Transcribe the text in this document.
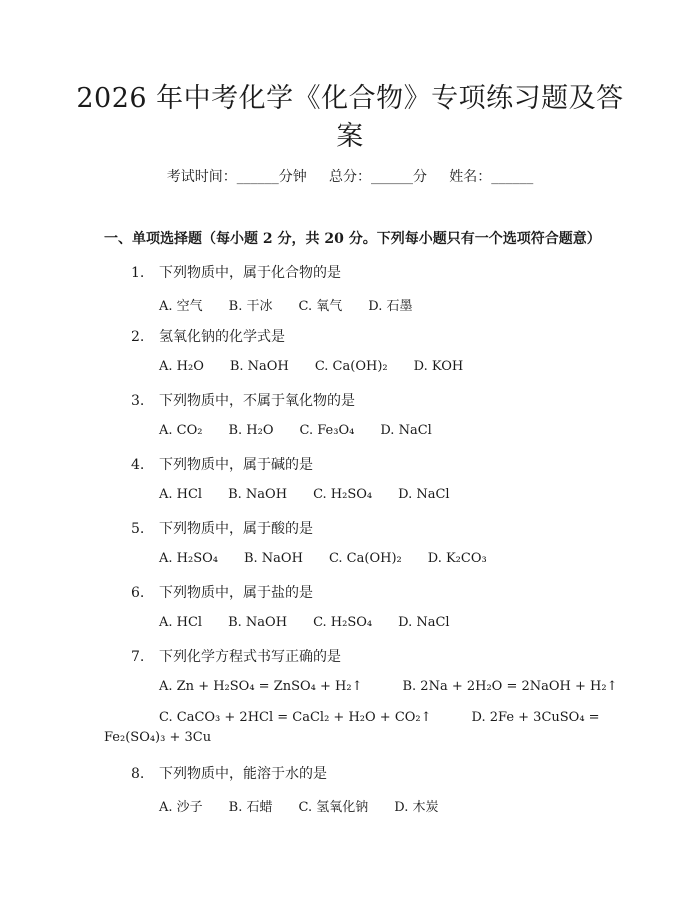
2026 年中考化学《化合物》专项练习题及答
案
考试时间：______分钟     总分：______分     姓名：______
一、单项选择题（每小题 2 分，共 20 分。下列每小题只有一个选项符合题意）
1. 下列物质中，属于化合物的是
A. 空气 B. 干冰 C. 氧气 D. 石墨
2. 氢氧化钠的化学式是
A. H₂O B. NaOH C. Ca(OH)₂ D. KOH
3. 下列物质中，不属于氧化物的是
A. CO₂ B. H₂O C. Fe₃O₄ D. NaCl
4. 下列物质中，属于碱的是
A. HCl B. NaOH C. H₂SO₄ D. NaCl
5. 下列物质中，属于酸的是
A. H₂SO₄ B. NaOH C. Ca(OH)₂ D. K₂CO₃
6. 下列物质中，属于盐的是
A. HCl B. NaOH C. H₂SO₄ D. NaCl
7. 下列化学方程式书写正确的是
A. Zn + H₂SO₄ = ZnSO₄ + H₂↑	B. 2Na + 2H₂O = 2NaOH + H₂↑
C. CaCO₃ + 2HCl = CaCl₂ + H₂O + CO₂↑	D. 2Fe + 3CuSO₄ =
Fe₂(SO₄)₃ + 3Cu
8. 下列物质中，能溶于水的是
A. 沙子 B. 石蜡 C. 氢氧化钠 D. 木炭
